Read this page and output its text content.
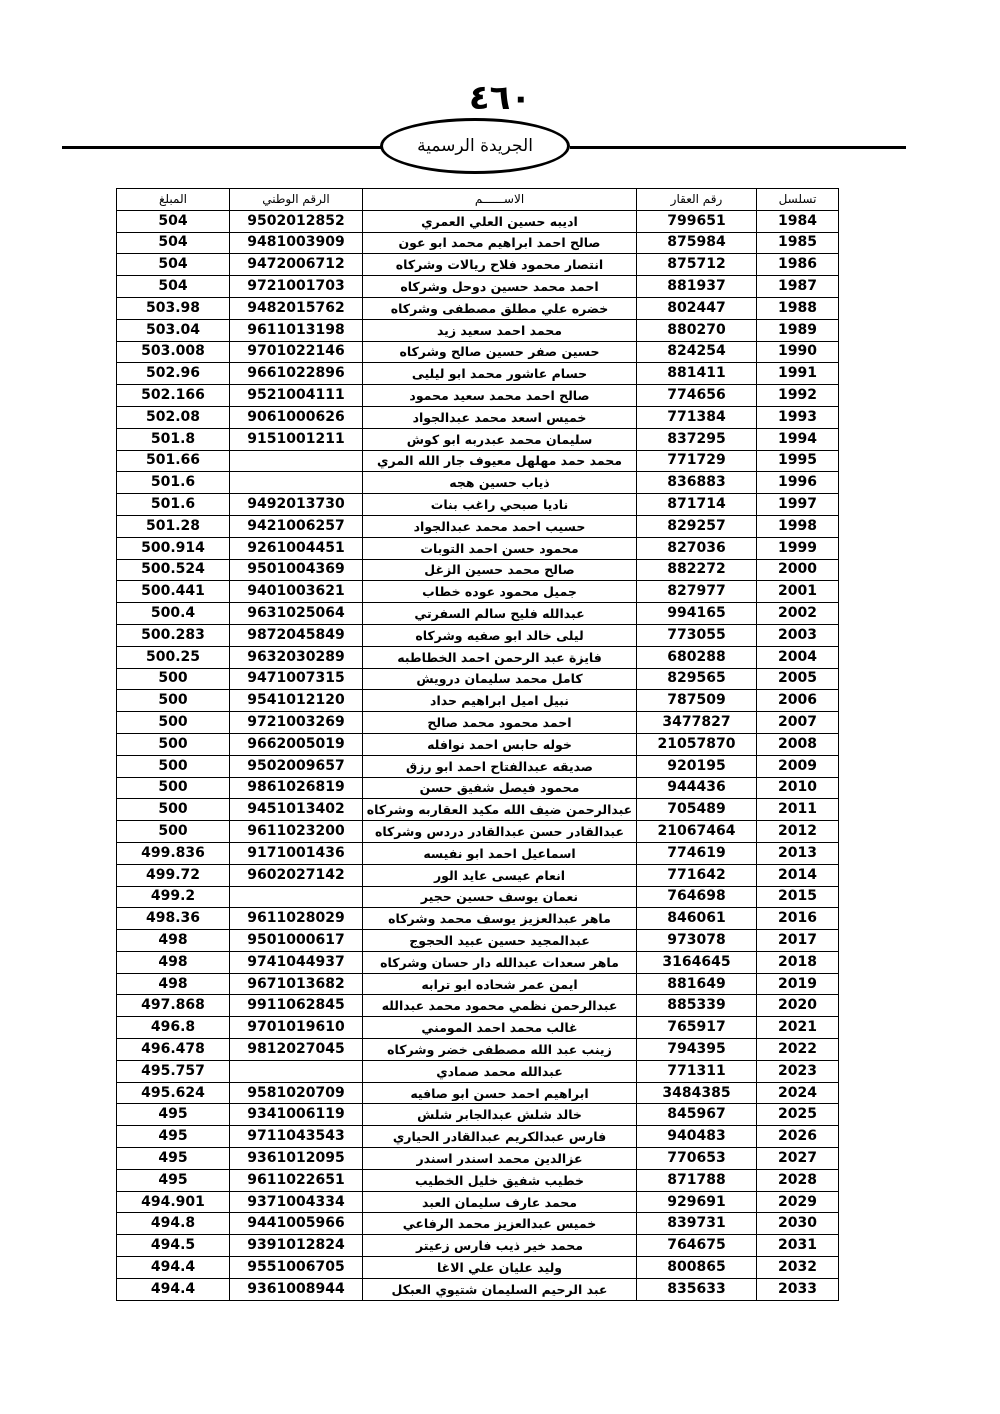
٤٦٠
الجريدة الرسمية
تسلسل	رقم العقار	الاســــــم	الرقم الوطني	المبلغ
1984	799651	اديبه حسين العلي العمري	9502012852	504
1985	875984	صالح احمد ابراهيم محمد ابو عون	9481003909	504
1986	875712	انتصار محمود فلاح ريالات وشركاه	9472006712	504
1987	881937	احمد محمد حسين دوحل وشركاه	9721001703	504
1988	802447	خضره علي مطلق مصطفى وشركاه	9482015762	503.98
1989	880270	محمد احمد سعيد زيد	9611013198	503.04
1990	824254	حسين صفر حسين صالح وشركاه	9701022146	503.008
1991	881411	حسام عاشور محمد ابو ليليى	9661022896	502.96
1992	774656	صالح احمد محمد سعيد محمود	9521004111	502.166
1993	771384	خميس اسعد محمد عبدالجواد	9061000626	502.08
1994	837295	سليمان محمد عبدربه ابو كوش	9151001211	501.8
1995	771729	محمد حمد مهلهل معيوف جار الله المري		501.66
1996	836883	ذياب حسين هجه		501.6
1997	871714	ناديا صبحي راغب بنات	9492013730	501.6
1998	829257	حسيب احمد محمد عبدالجواد	9421006257	501.28
1999	827036	محمود حسن احمد التوبات	9261004451	500.914
2000	882272	صالح محمد حسين الزغل	9501004369	500.524
2001	827977	جميل محمود عوده خطاب	9401003621	500.441
2002	994165	عبدالله فليح سالم السفرتي	9631025064	500.4
2003	773055	ليلى خالد ابو صفيه وشركاه	9872045849	500.283
2004	680288	فايزة عبد الرحمن احمد الخطاطبه	9632030289	500.25
2005	829565	كامل محمد سليمان درويش	9471007315	500
2006	787509	نبيل اميل ابراهيم حداد	9541012120	500
2007	3477827	احمد محمود محمد صالح	9721003269	500
2008	21057870	خوله حابس احمد نوافله	9662005019	500
2009	920195	صديقه عبدالفتاح احمد ابو رزق	9502009657	500
2010	944436	محمود فيصل شفيق حسن	9861026819	500
2011	705489	عبدالرحمن ضيف الله مكيد العقاربه وشركاه	9451013402	500
2012	21067464	عبدالقادر حسن عبدالقادر دردس وشركاه	9611023200	500
2013	774619	اسماعيل احمد ابو نفيسه	9171001436	499.836
2014	771642	انعام عيسى عايد الور	9602027142	499.72
2015	764698	نعمان يوسف حسين حجير		499.2
2016	846061	ماهر عبدالعزيز يوسف محمد وشركاه	9611028029	498.36
2017	973078	عبدالمجيد حسين عبيد الحجوج	9501000617	498
2018	3164645	ماهر سعدات عبدالله دار حسان وشركاه	9741044937	498
2019	881649	ايمن عمر شحاده ابو ترابه	9671013682	498
2020	885339	عبدالرحمن نظمي محمود محمد عبدالله	9911062845	497.868
2021	765917	غالب محمد احمد المومني	9701019610	496.8
2022	794395	زينب عبد الله مصطفى خضر وشركاه	9812027045	496.478
2023	771311	عبدالله محمد صمادي		495.757
2024	3484385	ابراهيم احمد حسن ابو صافيه	9581020709	495.624
2025	845967	خالد شلش عبدالجابر شلش	9341006119	495
2026	940483	فارس عبدالكريم عبدالقادر الحياري	9711043543	495
2027	770653	عزالدين محمد اسندر اسندر	9361012095	495
2028	871788	خطيب شفيق خليل الخطيب	9611022651	495
2029	929691	محمد عارف سليمان العبد	9371004334	494.901
2030	839731	خميس عبدالعزيز محمد الرفاعي	9441005966	494.8
2031	764675	محمد خير ذيب فارس زعيتر	9391012824	494.5
2032	800865	وليد عليان علي الاغا	9551006705	494.4
2033	835633	عبد الرحيم السليمان شتيوي العبكل	9361008944	494.4
